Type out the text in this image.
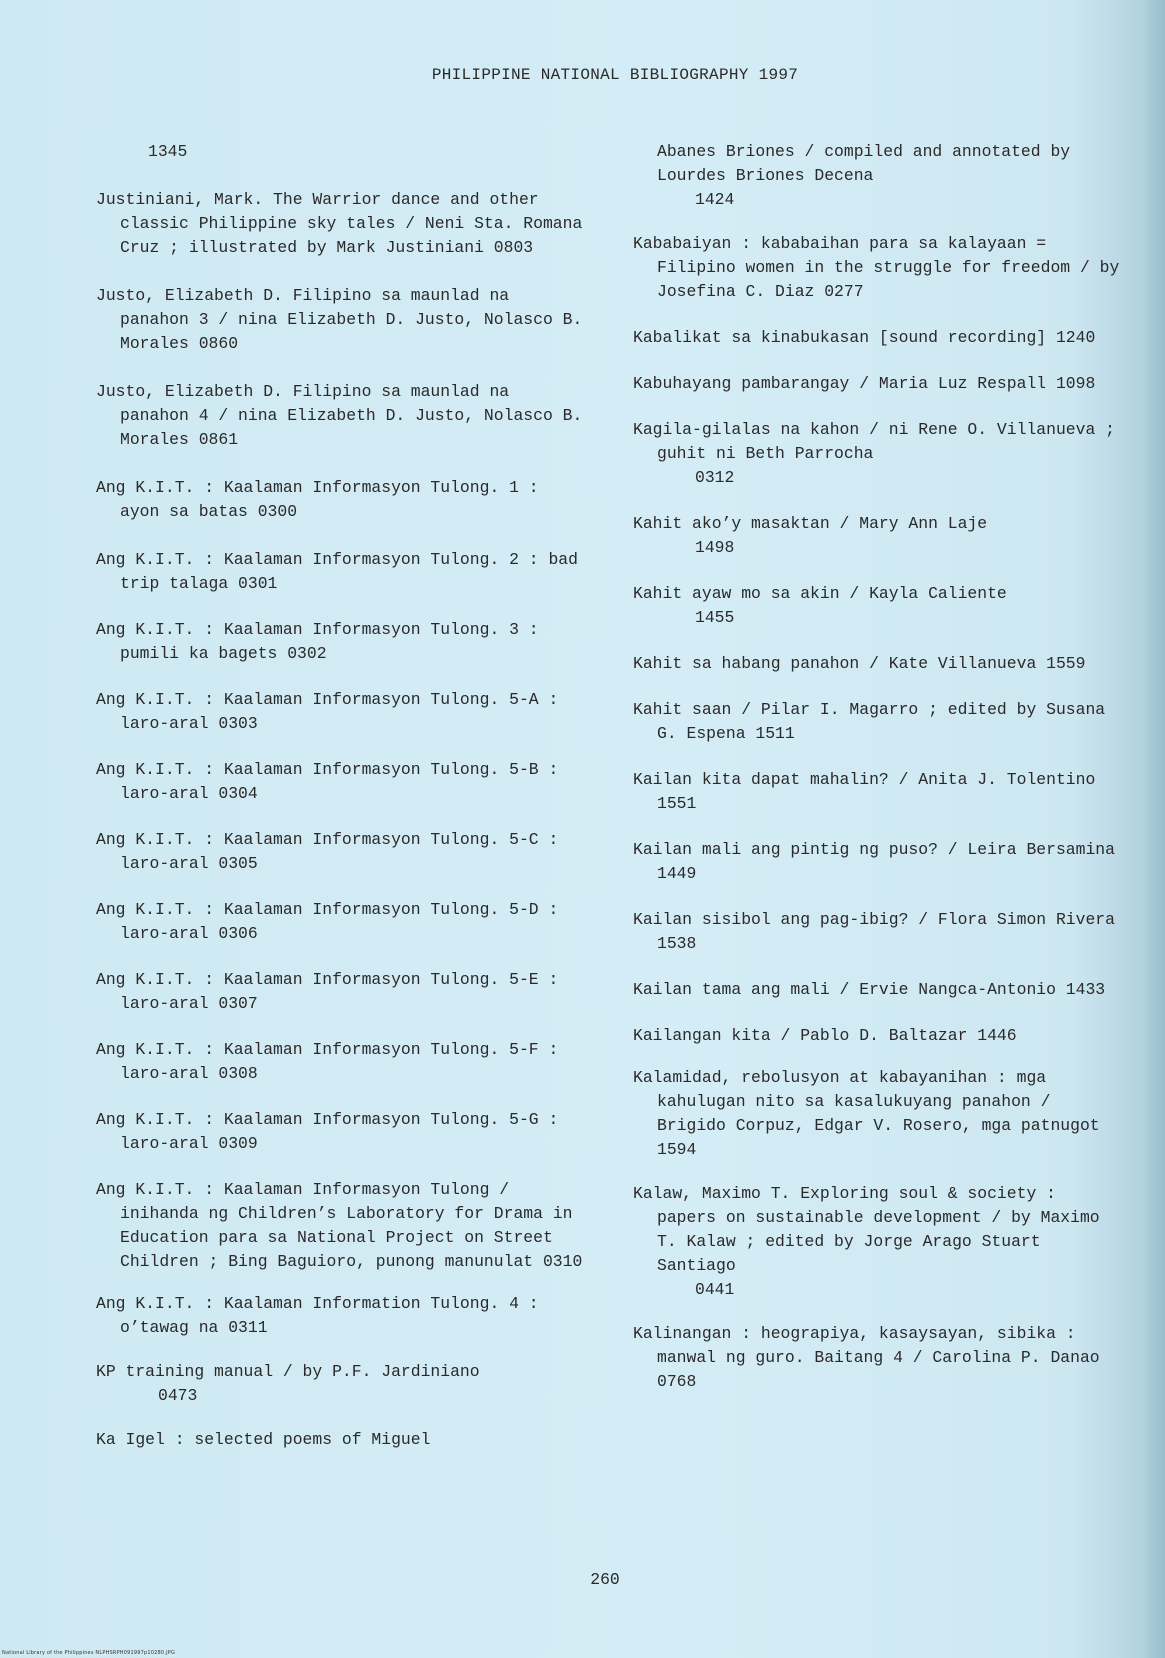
PHILIPPINE NATIONAL BIBLIOGRAPHY 1997
1345
Justiniani, Mark. The Warrior dance and other classic Philippine sky tales / Neni Sta. Romana Cruz ; illustrated by Mark Justiniani 0803
Justo, Elizabeth D. Filipino sa maunlad na panahon 3 / nina Elizabeth D. Justo, Nolasco B. Morales 0860
Justo, Elizabeth D. Filipino sa maunlad na panahon 4 / nina Elizabeth D. Justo, Nolasco B. Morales 0861
Ang K.I.T. : Kaalaman Informasyon Tulong. 1 : ayon sa batas 0300
Ang K.I.T. : Kaalaman Informasyon Tulong. 2 : bad trip talaga 0301
Ang K.I.T. : Kaalaman Informasyon Tulong. 3 : pumili ka bagets 0302
Ang K.I.T. : Kaalaman Informasyon Tulong. 5-A : laro-aral 0303
Ang K.I.T. : Kaalaman Informasyon Tulong. 5-B : laro-aral 0304
Ang K.I.T. : Kaalaman Informasyon Tulong. 5-C : laro-aral 0305
Ang K.I.T. : Kaalaman Informasyon Tulong. 5-D : laro-aral 0306
Ang K.I.T. : Kaalaman Informasyon Tulong. 5-E : laro-aral 0307
Ang K.I.T. : Kaalaman Informasyon Tulong. 5-F : laro-aral 0308
Ang K.I.T. : Kaalaman Informasyon Tulong. 5-G : laro-aral 0309
Ang K.I.T. : Kaalaman Informasyon Tulong / inihanda ng Children’s Laboratory for Drama in Education para sa National Project on Street Children ; Bing Baguioro, punong manunulat 0310
Ang K.I.T. : Kaalaman Information Tulong. 4 : o’tawag na 0311
KP training manual / by P.F. Jardiniano
0473
Ka Igel : selected poems of Miguel
Abanes Briones / compiled and annotated by Lourdes Briones Decena
1424
Kababaiyan : kababaihan para sa kalayaan = Filipino women in the struggle for freedom / by Josefina C. Diaz 0277
Kabalikat sa kinabukasan [sound recording] 1240
Kabuhayang pambarangay / Maria Luz Respall 1098
Kagila-gilalas na kahon / ni Rene O. Villanueva ; guhit ni Beth Parrocha
0312
Kahit ako’y masaktan / Mary Ann Laje
1498
Kahit ayaw mo sa akin / Kayla Caliente
1455
Kahit sa habang panahon / Kate Villanueva 1559
Kahit saan / Pilar I. Magarro ; edited by Susana G. Espena 1511
Kailan kita dapat mahalin? / Anita J. Tolentino 1551
Kailan mali ang pintig ng puso? / Leira Bersamina 1449
Kailan sisibol ang pag-ibig? / Flora Simon Rivera 1538
Kailan tama ang mali / Ervie Nangca-Antonio 1433
Kailangan kita / Pablo D. Baltazar 1446
Kalamidad, rebolusyon at kabayanihan : mga kahulugan nito sa kasalukuyang panahon / Brigido Corpuz, Edgar V. Rosero, mga patnugot 1594
Kalaw, Maximo T. Exploring soul & society : papers on sustainable development / by Maximo T. Kalaw ; edited by Jorge Arago Stuart Santiago
0441
Kalinangan : heograpiya, kasaysayan, sibika : manwal ng guro. Baitang 4 / Carolina P. Danao 0768
260
National Library of the Philippines NLPHSRPH091997p10280.JPG
